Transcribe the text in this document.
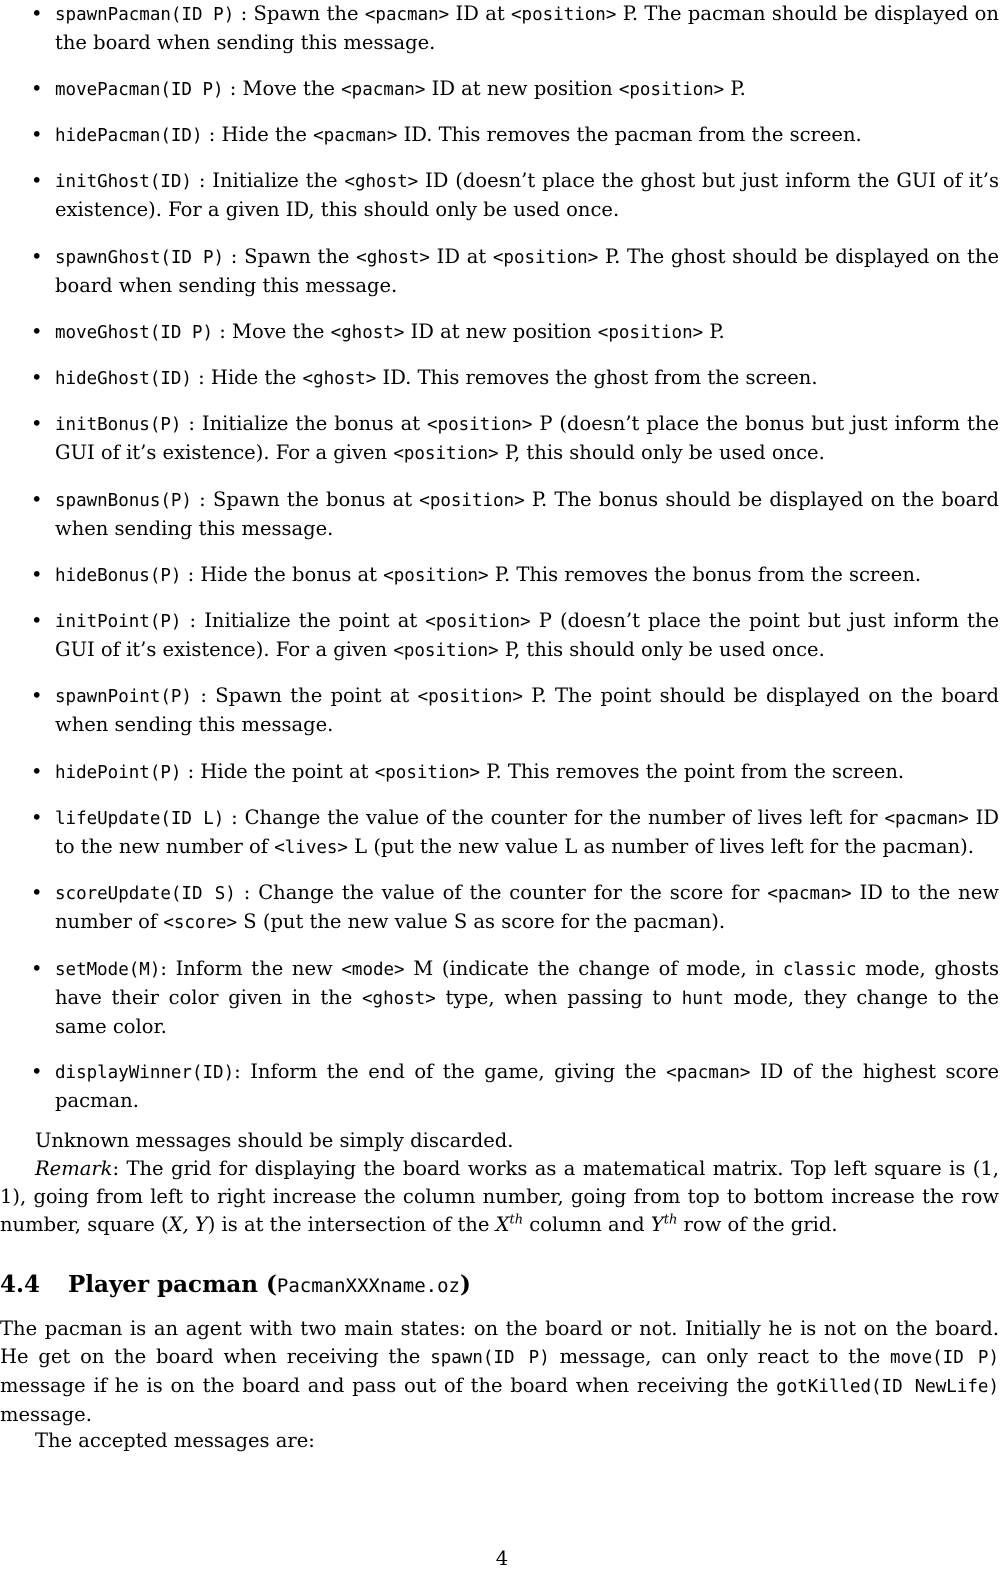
• spawnPacman(ID P) : Spawn the <pacman> ID at <position> P. The pacman should be displayed on the board when sending this message.
• movePacman(ID P) : Move the <pacman> ID at new position <position> P.
• hidePacman(ID) : Hide the <pacman> ID. This removes the pacman from the screen.
• initGhost(ID) : Initialize the <ghost> ID (doesn’t place the ghost but just inform the GUI of it’s existence). For a given ID, this should only be used once.
• spawnGhost(ID P) : Spawn the <ghost> ID at <position> P. The ghost should be displayed on the board when sending this message.
• moveGhost(ID P) : Move the <ghost> ID at new position <position> P.
• hideGhost(ID) : Hide the <ghost> ID. This removes the ghost from the screen.
• initBonus(P) : Initialize the bonus at <position> P (doesn’t place the bonus but just inform the GUI of it’s existence). For a given <position> P, this should only be used once.
• spawnBonus(P) : Spawn the bonus at <position> P. The bonus should be displayed on the board when sending this message.
• hideBonus(P) : Hide the bonus at <position> P. This removes the bonus from the screen.
• initPoint(P) : Initialize the point at <position> P (doesn’t place the point but just inform the GUI of it’s existence). For a given <position> P, this should only be used once.
• spawnPoint(P) : Spawn the point at <position> P. The point should be displayed on the board when sending this message.
• hidePoint(P) : Hide the point at <position> P. This removes the point from the screen.
• lifeUpdate(ID L) : Change the value of the counter for the number of lives left for <pacman> ID to the new number of <lives> L (put the new value L as number of lives left for the pacman).
• scoreUpdate(ID S) : Change the value of the counter for the score for <pacman> ID to the new number of <score> S (put the new value S as score for the pacman).
• setMode(M): Inform the new <mode> M (indicate the change of mode, in classic mode, ghosts have their color given in the <ghost> type, when passing to hunt mode, they change to the same color.
• displayWinner(ID): Inform the end of the game, giving the <pacman> ID of the highest score pacman.
Unknown messages should be simply discarded.
Remark: The grid for displaying the board works as a matematical matrix. Top left square is (1, 1), going from left to right increase the column number, going from top to bottom increase the row number, square (X, Y) is at the intersection of the Xth column and $Y^{th}$ row of the grid.
4.4 Player pacman (PacmanXXXname.oz)
The pacman is an agent with two main states: on the board or not. Initially he is not on the board. He get on the board when receiving the spawn(ID P) message, can only react to the move(ID P) message if he is on the board and pass out of the board when receiving the gotKilled(ID NewLife) message.
The accepted messages are:
4
